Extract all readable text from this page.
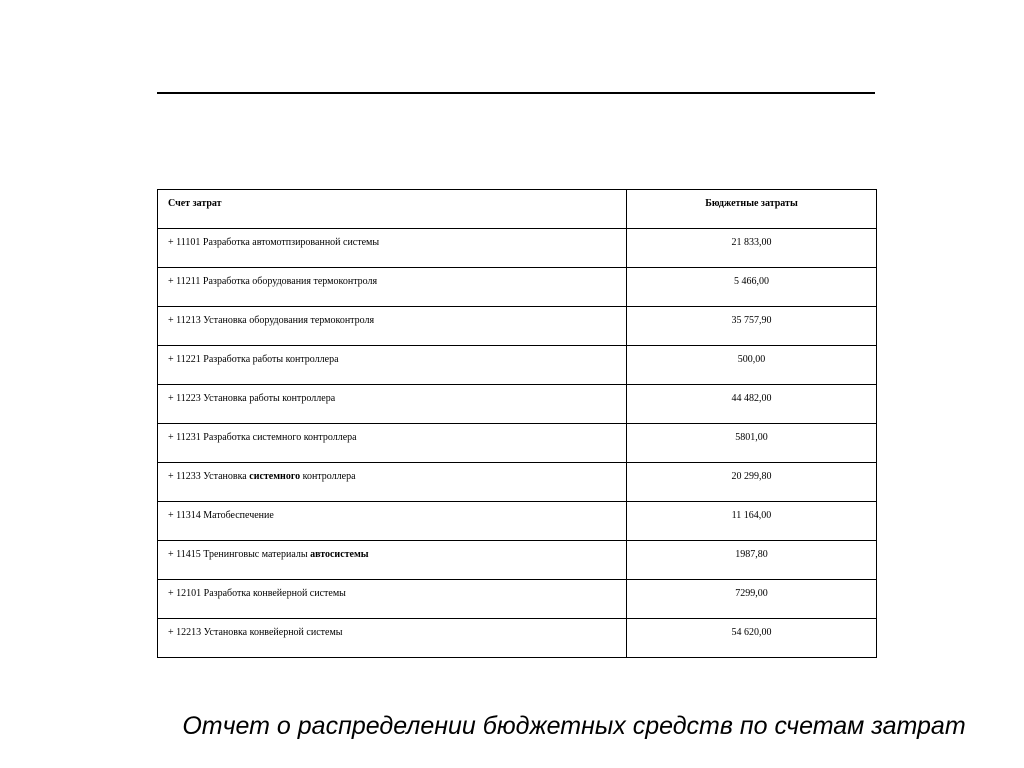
Счет затрат	Бюджетные затраты
+ 11101 Разработка автомотпзированной системы	21 833,00
+ 11211 Разработка оборудования термоконтроля	5 466,00
+ 11213 Установка оборудования термоконтроля	35 757,90
+ 11221 Разработка работы контроллера	500,00
+ 11223 Установка работы контроллера	44 482,00
+ 11231 Разработка системного контроллера	5801,00
+ 11233 Установка системного контроллера	20 299,80
+ 11314 Матобеспечение	11 164,00
+ 11415 Тренинговыс материалы автосистемы	1987,80
+ 12101 Разработка конвейерной системы	7299,00
+ 12213 Установка конвейерной системы	54 620,00
Отчет о распределении бюджетных средств по счетам затрат
